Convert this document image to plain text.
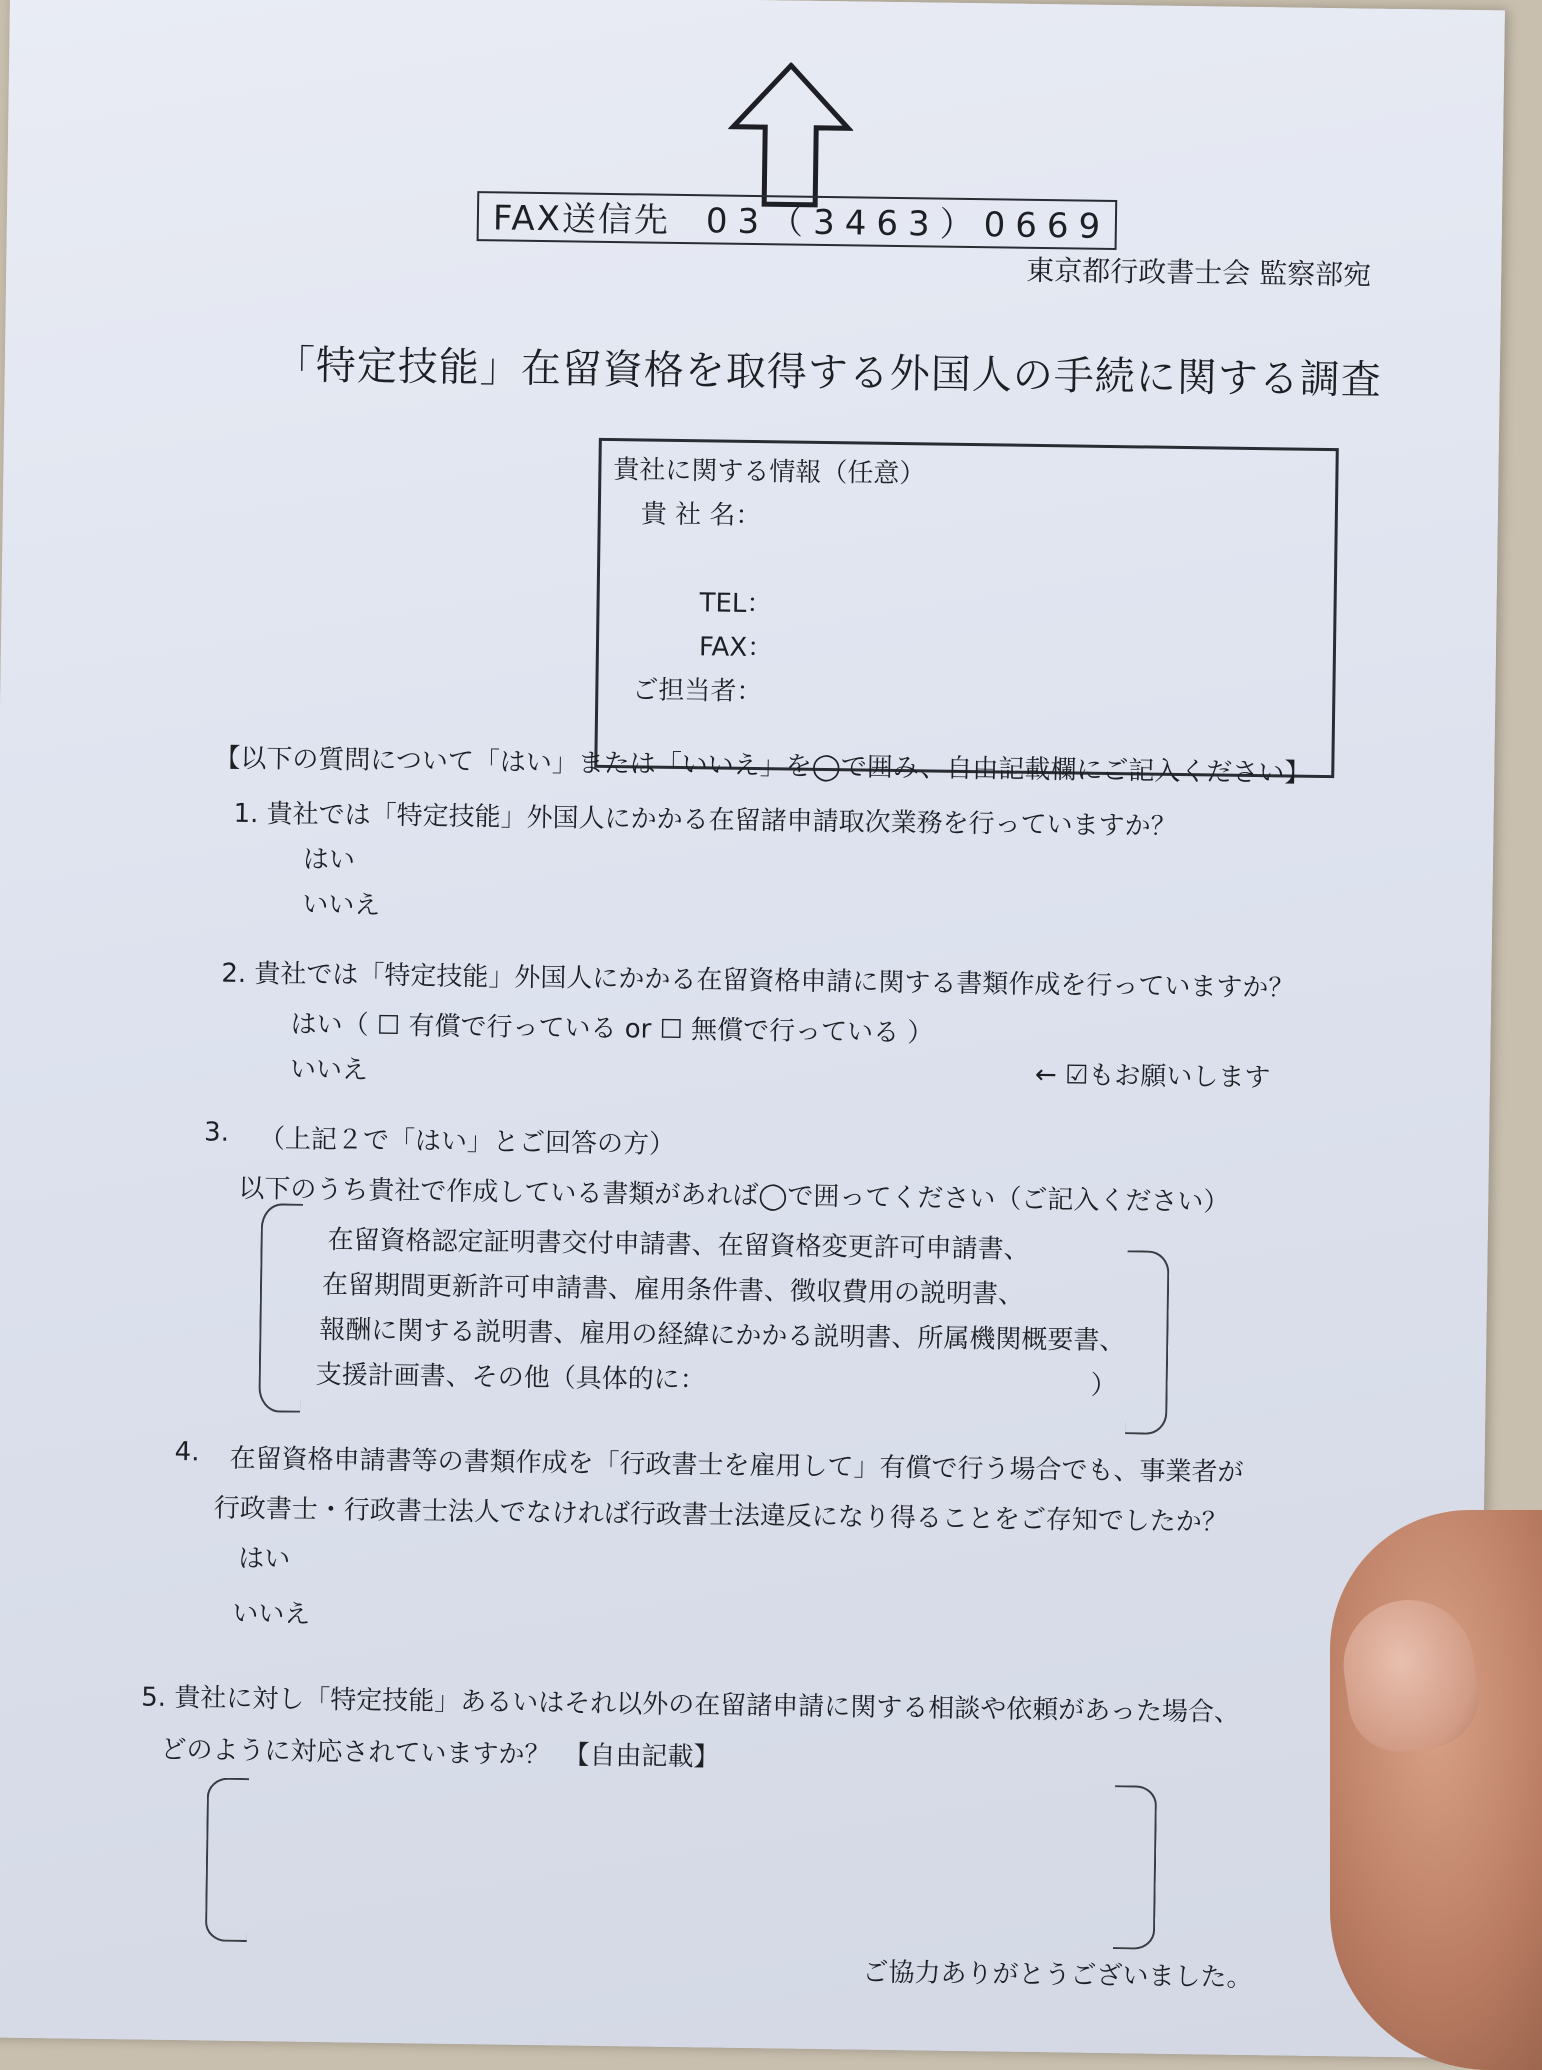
FAX送信先 03（3463）0669
東京都行政書士会 監察部宛
「特定技能」在留資格を取得する外国人の手続に関する調査
貴社に関する情報（任意）
貴 社 名：
TEL：
FAX：
ご担当者：
【以下の質問について「はい」または「いいえ」を◯で囲み、自由記載欄にご記入ください】
1. 貴社では「特定技能」外国人にかかる在留諸申請取次業務を行っていますか？
はい
いいえ
2. 貴社では「特定技能」外国人にかかる在留資格申請に関する書類作成を行っていますか？
はい（ ☐ 有償で行っている or ☐ 無償で行っている ）
いいえ	← ☑もお願いします
3. （上記２で「はい」とご回答の方）
以下のうち貴社で作成している書類があれば◯で囲ってください（ご記入ください）
在留資格認定証明書交付申請書、在留資格変更許可申請書、
在留期間更新許可申請書、雇用条件書、徴収費用の説明書、
報酬に関する説明書、雇用の経緯にかかる説明書、所属機関概要書、
支援計画書、その他（具体的に：	）
4. 在留資格申請書等の書類作成を「行政書士を雇用して」有償で行う場合でも、事業者が
行政書士・行政書士法人でなければ行政書士法違反になり得ることをご存知でしたか？
はい
いいえ
5. 貴社に対し「特定技能」あるいはそれ以外の在留諸申請に関する相談や依頼があった場合、
どのように対応されていますか？　【自由記載】
ご協力ありがとうございました。
